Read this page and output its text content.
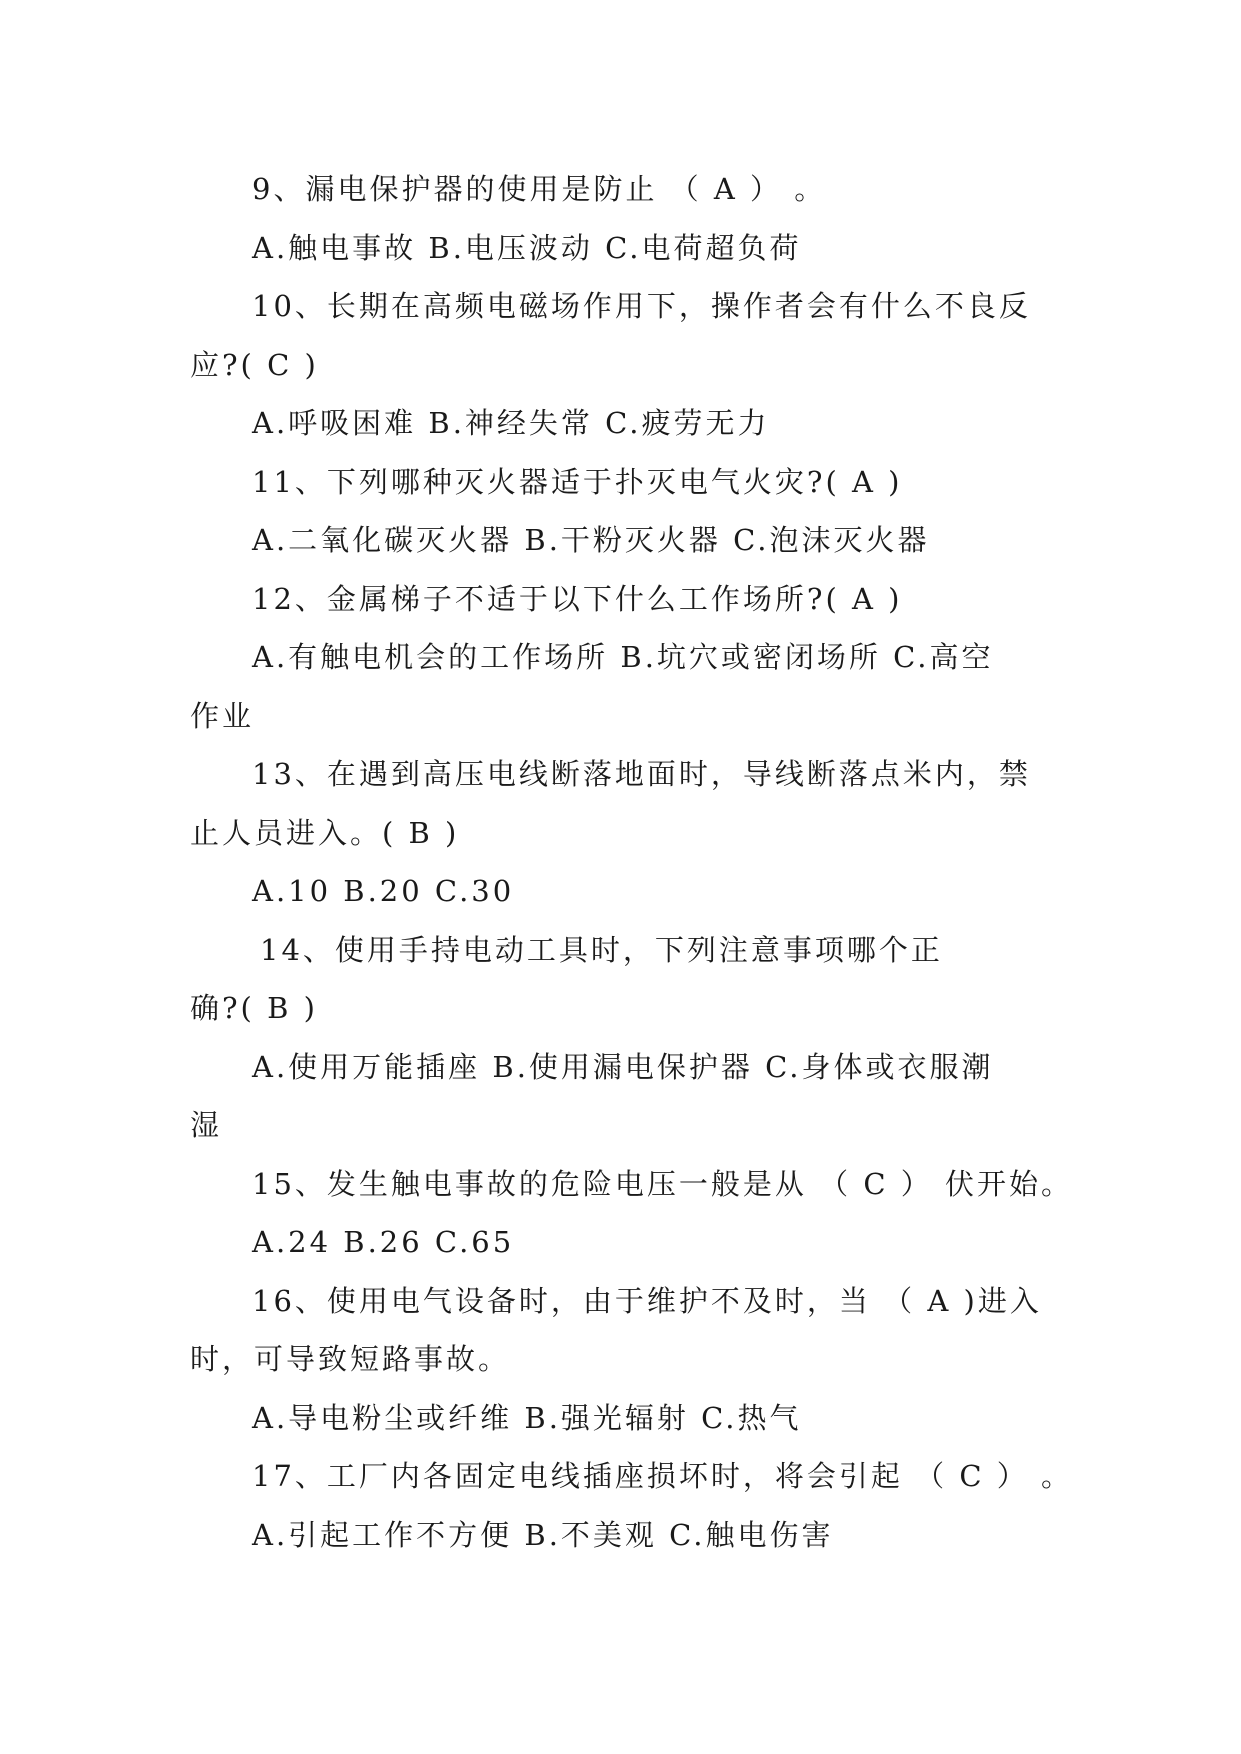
9、漏电保护器的使用是防止 （ A ） 。
A.触电事故 B.电压波动 C.电荷超负荷
10、长期在高频电磁场作用下，操作者会有什么不良反
应?( C )
A.呼吸困难 B.神经失常 C.疲劳无力
11、下列哪种灭火器适于扑灭电气火灾?( A )
A.二氧化碳灭火器 B.干粉灭火器 C.泡沫灭火器
12、金属梯子不适于以下什么工作场所?( A )
A.有触电机会的工作场所 B.坑穴或密闭场所 C.高空
作业
13、在遇到高压电线断落地面时，导线断落点米内，禁
止人员进入。( B )
A.10 B.20 C.30
14、使用手持电动工具时，下列注意事项哪个正
确?( B )
A.使用万能插座 B.使用漏电保护器 C.身体或衣服潮
湿
15、发生触电事故的危险电压一般是从 （ C ） 伏开始。
A.24 B.26 C.65
16、使用电气设备时，由于维护不及时，当 （ A )进入
时，可导致短路事故。
A.导电粉尘或纤维 B.强光辐射 C.热气
17、工厂内各固定电线插座损坏时，将会引起 （ C ） 。
A.引起工作不方便 B.不美观 C.触电伤害
